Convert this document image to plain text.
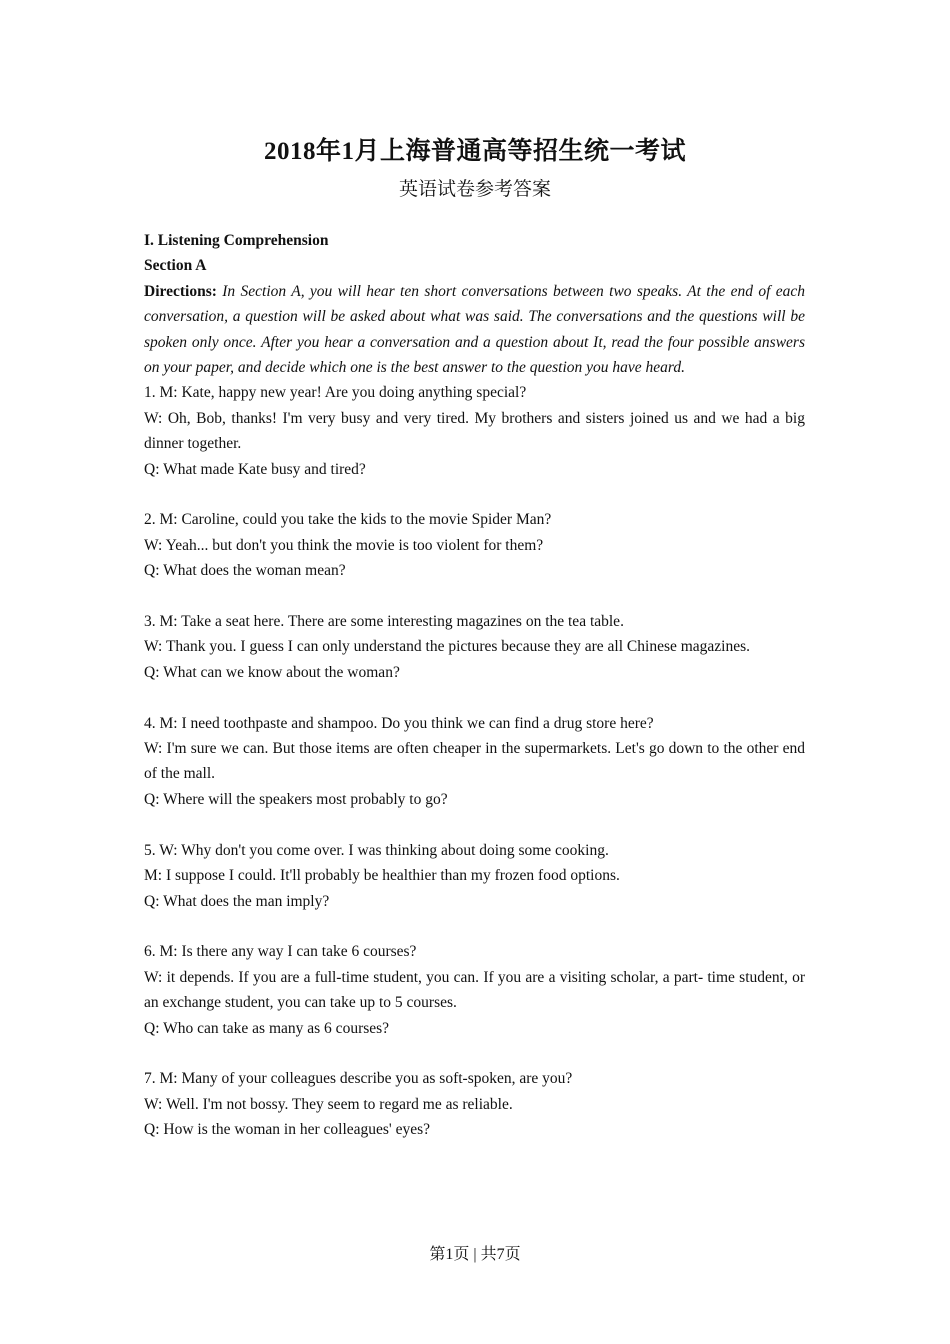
2018年1月上海普通高等招生统一考试
英语试卷参考答案

I. Listening Comprehension

Section A

Directions: In Section A, you will hear ten short conversations between two speaks. At the end of each conversation, a question will be asked about what was said. The conversations and the questions will be spoken only once. After you hear a conversation and a question about It, read the four possible answers on your paper, and decide which one is the best answer to the question you have heard.

1. M: Kate, happy new year! Are you doing anything special?

W: Oh, Bob, thanks! I'm very busy and very tired. My brothers and sisters joined us and we had a big dinner together.

Q: What made Kate busy and tired?

2. M: Caroline, could you take the kids to the movie Spider Man?

W: Yeah... but don't you think the movie is too violent for them?

Q: What does the woman mean?

3. M: Take a seat here. There are some interesting magazines on the tea table.

W: Thank you. I guess I can only understand the pictures because they are all Chinese magazines.

Q: What can we know about the woman?

4. M: I need toothpaste and shampoo. Do you think we can find a drug store here?

W: I'm sure we can. But those items are often cheaper in the supermarkets. Let's go down to the other end of the mall.

Q: Where will the speakers most probably to go?

5. W: Why don't you come over. I was thinking about doing some cooking.

M: I suppose I could. It'll probably be healthier than my frozen food options.

Q: What does the man imply?

6. M: Is there any way I can take 6 courses?

W: it depends. If you are a full-time student, you can. If you are a visiting scholar, a part- time student, or an exchange student, you can take up to 5 courses.

Q: Who can take as many as 6 courses?

7. M: Many of your colleagues describe you as soft-spoken, are you?

W: Well. I'm not bossy. They seem to regard me as reliable.

Q: How is the woman in her colleagues' eyes?

第1页 | 共7页
